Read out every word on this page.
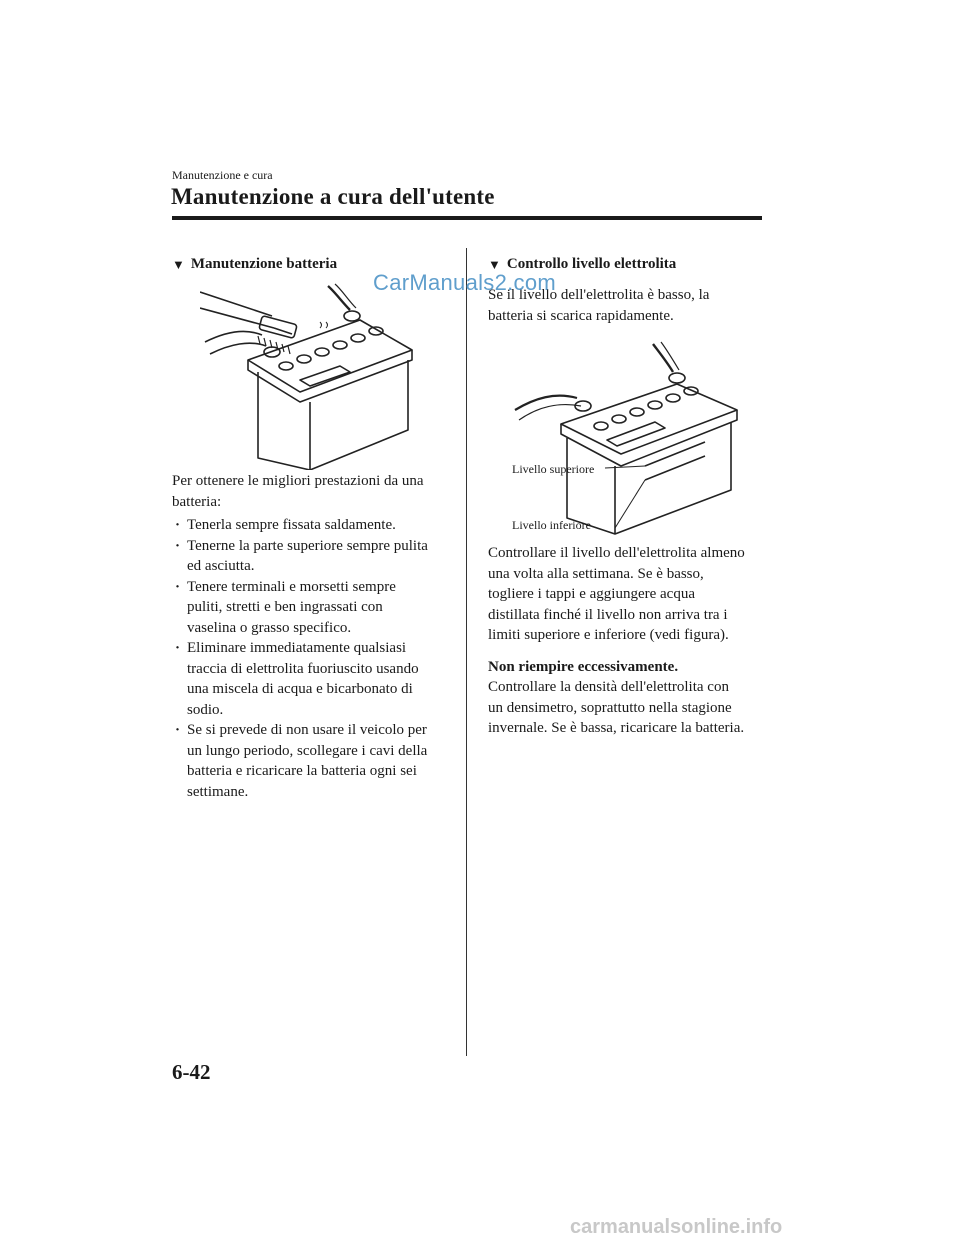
Manutenzione e cura
Manutenzione a cura dell'utente
▼ Manutenzione batteria
Per ottenere le migliori prestazioni da una
batteria:
· Tenerla sempre fissata saldamente.
· Tenerne la parte superiore sempre pulita
ed asciutta.
· Tenere terminali e morsetti sempre
puliti, stretti e ben ingrassati con
vaselina o grasso specifico.
· Eliminare immediatamente qualsiasi
traccia di elettrolita fuoriuscito usando
una miscela di acqua e bicarbonato di
sodio.
· Se si prevede di non usare il veicolo per
un lungo periodo, scollegare i cavi della
batteria e ricaricare la batteria ogni sei
settimane.
▼ Controllo livello elettrolita
Se il livello dell'elettrolita è basso, la
batteria si scarica rapidamente.
Livello superiore
Livello inferiore
Controllare il livello dell'elettrolita almeno
una volta alla settimana. Se è basso,
togliere i tappi e aggiungere acqua
distillata finché il livello non arriva tra i
limiti superiore e inferiore (vedi figura).
Non riempire eccessivamente.
Controllare la densità dell'elettrolita con
un densimetro, soprattutto nella stagione
invernale. Se è bassa, ricaricare la batteria.
6-42
CarManuals2.com
carmanualsonline.info
